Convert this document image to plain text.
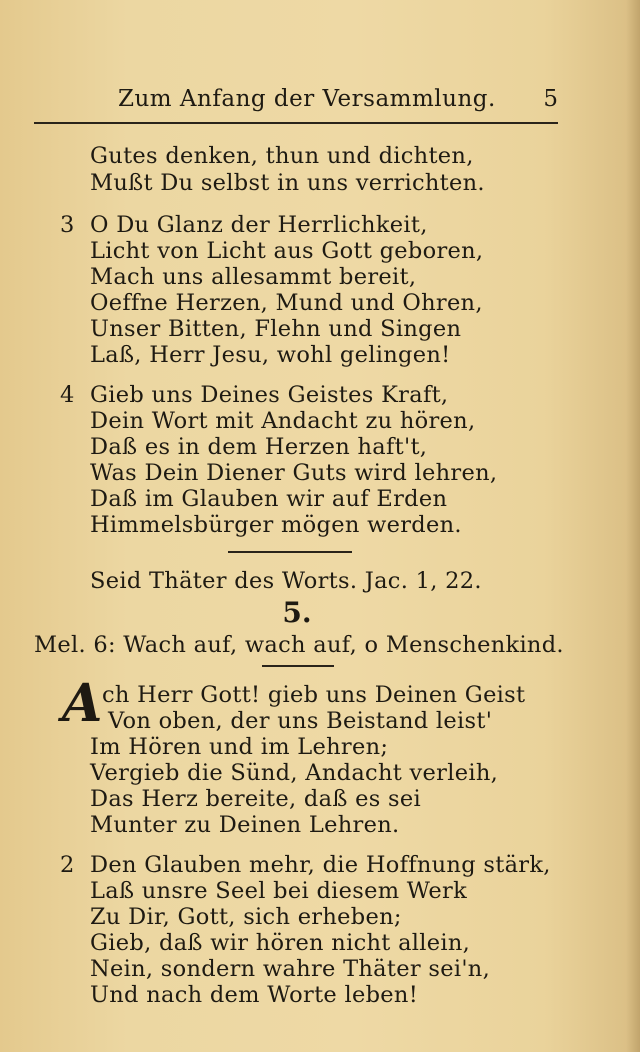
Zum Anfang der Versammlung. 5
Gutes denken, thun und dichten,
Mußt Du selbst in uns verrichten.
3 O Du Glanz der Herrlichkeit,
Licht von Licht aus Gott geboren,
Mach uns allesammt bereit,
Oeffne Herzen, Mund und Ohren,
Unser Bitten, Flehn und Singen
Laß, Herr Jesu, wohl gelingen!
4 Gieb uns Deines Geistes Kraft,
Dein Wort mit Andacht zu hören,
Daß es in dem Herzen haft't,
Was Dein Diener Guts wird lehren,
Daß im Glauben wir auf Erden
Himmelsbürger mögen werden.
Seid Thäter des Worts. Jac. 1, 22.
5.
Mel. 6: Wach auf, wach auf, o Menschenkind.
A ch Herr Gott! gieb uns Deinen Geist
Von oben, der uns Beistand leist'
Im Hören und im Lehren;
Vergieb die Sünd, Andacht verleih,
Das Herz bereite, daß es sei
Munter zu Deinen Lehren.
2 Den Glauben mehr, die Hoffnung stärk,
Laß unsre Seel bei diesem Werk
Zu Dir, Gott, sich erheben;
Gieb, daß wir hören nicht allein,
Nein, sondern wahre Thäter sei'n,
Und nach dem Worte leben!
